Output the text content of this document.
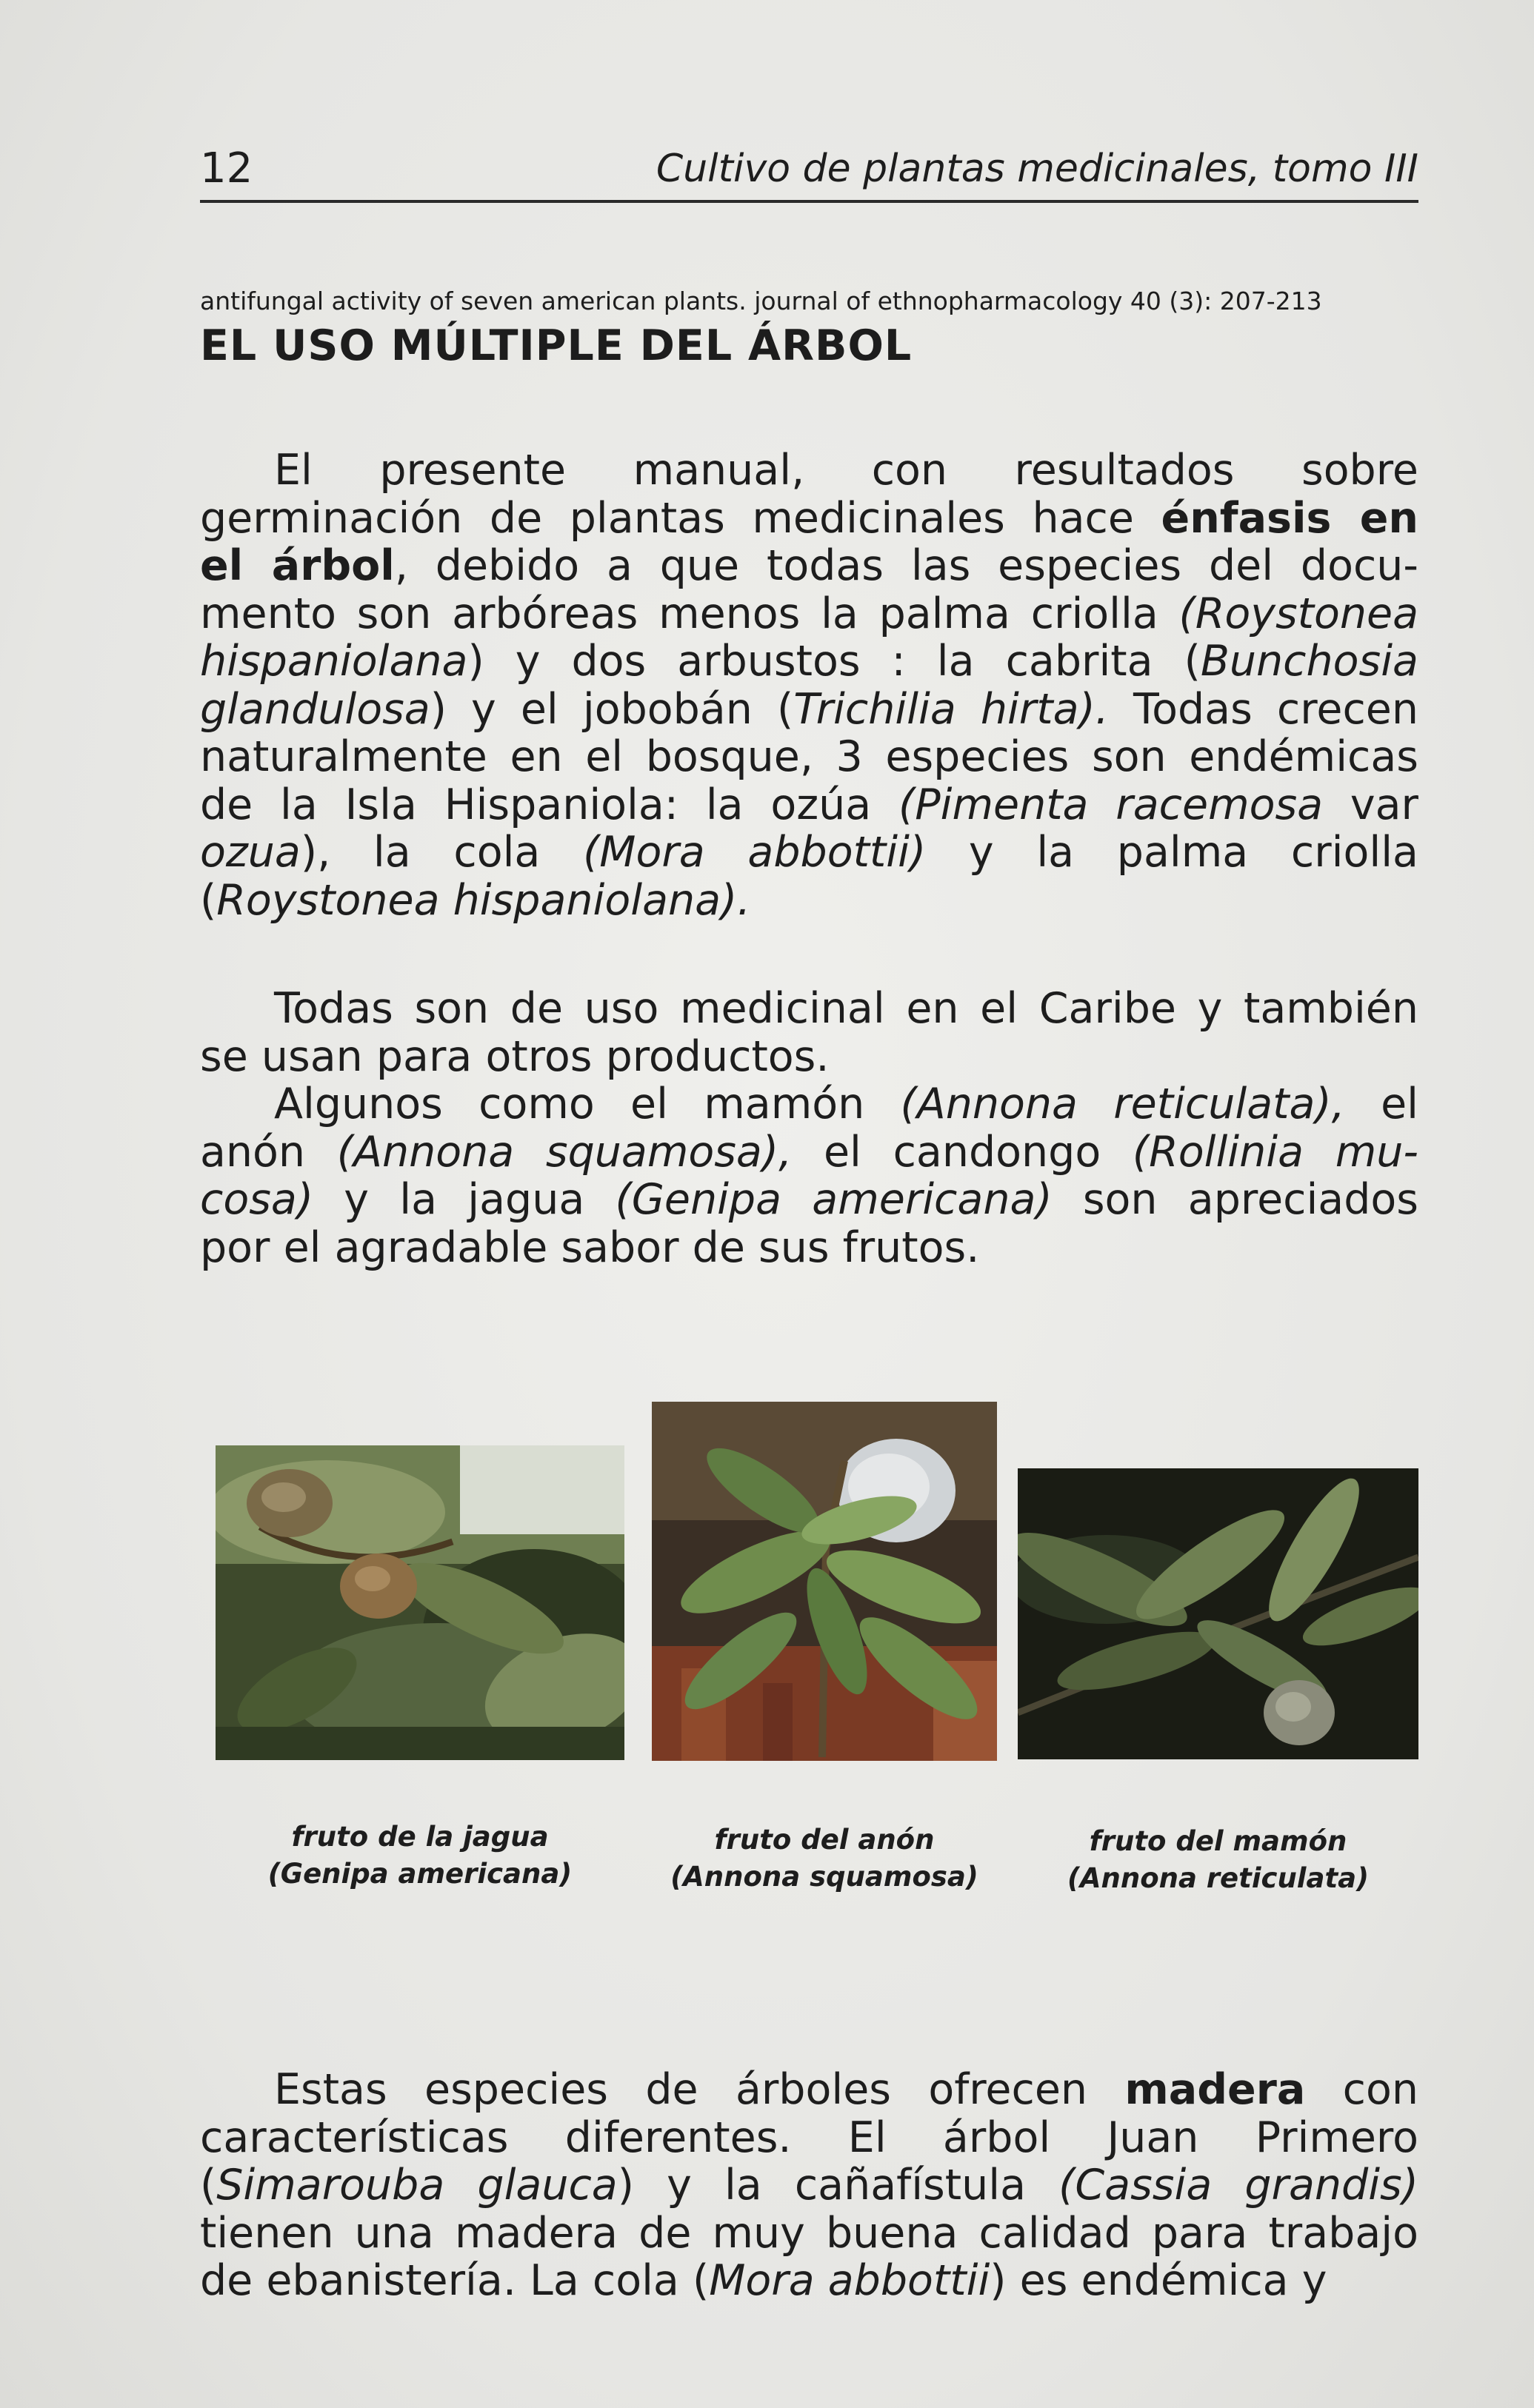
12	Cultivo de plantas medicinales, tomo III
antifungal activity of seven american plants. journal of ethnopharmacology 40 (3): 207-213
EL USO MÚLTIPLE DEL ÁRBOL
El presente manual, con resultados sobre
germinación de plantas medicinales hace énfasis en
el árbol, debido a que todas las especies del docu-
mento son arbóreas menos la palma criolla (Roystonea
hispaniolana) y dos arbustos : la cabrita (Bunchosia
glandulosa) y el jobobán (Trichilia hirta). Todas crecen
naturalmente en el bosque, 3 especies son endémicas
de la Isla Hispaniola: la ozúa (Pimenta racemosa var
ozua), la cola (Mora abbottii) y la palma criolla
(Roystonea hispaniolana).
Todas son de uso medicinal en el Caribe y también
se usan para otros productos.
Algunos como el mamón (Annona reticulata), el
anón (Annona squamosa), el candongo (Rollinia mu-
cosa) y la jagua (Genipa americana) son apreciados
por el agradable sabor de sus frutos.
fruto de la jagua
(Genipa americana)
fruto del anón
(Annona squamosa)
fruto del mamón
(Annona reticulata)
Estas especies de árboles ofrecen madera con
características diferentes. El árbol Juan Primero
(Simarouba glauca) y la cañafístula (Cassia grandis)
tienen una madera de muy buena calidad para trabajo
de ebanistería. La cola (Mora abbottii) es endémica y
